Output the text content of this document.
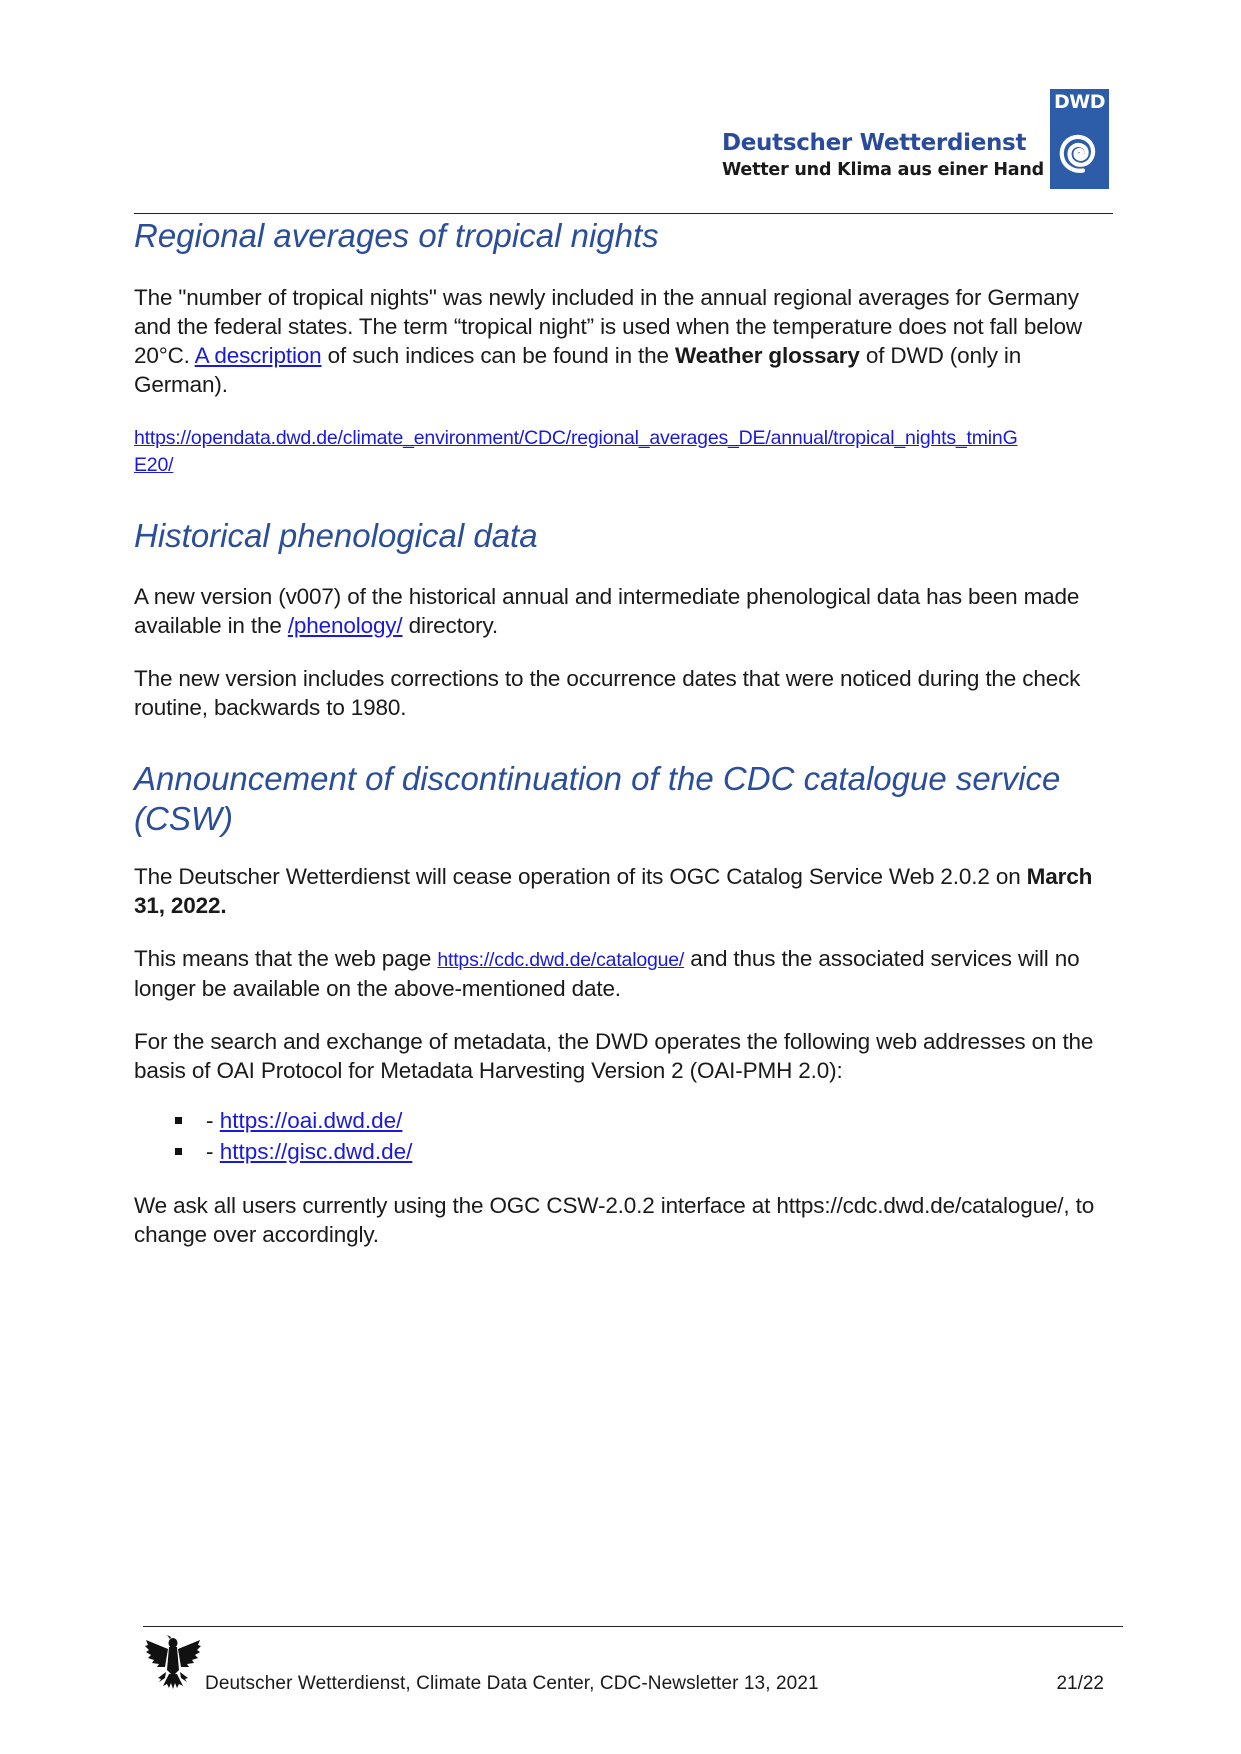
Deutscher Wetterdienst
Wetter und Klima aus einer Hand
DWD
Regional averages of tropical nights

The "number of tropical nights" was newly included in the annual regional averages for Germany and the federal states. The term “tropical night” is used when the temperature does not fall below 20°C. A description of such indices can be found in the Weather glossary of DWD (only in German).

https://opendata.dwd.de/climate_environment/CDC/regional_averages_DE/annual/tropical_nights_tminG
E20/

Historical phenological data

A new version (v007) of the historical annual and intermediate phenological data has been made available in the /phenology/ directory.

The new version includes corrections to the occurrence dates that were noticed during the check routine, backwards to 1980.

Announcement of discontinuation of the CDC catalogue service
(CSW)

The Deutscher Wetterdienst will cease operation of its OGC Catalog Service Web 2.0.2 on March 31, 2022.

This means that the web page https://cdc.dwd.de/catalogue/ and thus the associated services will no longer be available on the above-mentioned date.

For the search and exchange of metadata, the DWD operates the following web addresses on the basis of OAI Protocol for Metadata Harvesting Version 2 (OAI-PMH 2.0):

- https://oai.dwd.de/
- https://gisc.dwd.de/

We ask all users currently using the OGC CSW-2.0.2 interface at https://cdc.dwd.de/catalogue/, to change over accordingly.

Deutscher Wetterdienst, Climate Data Center, CDC-Newsletter 13, 2021	21/22
